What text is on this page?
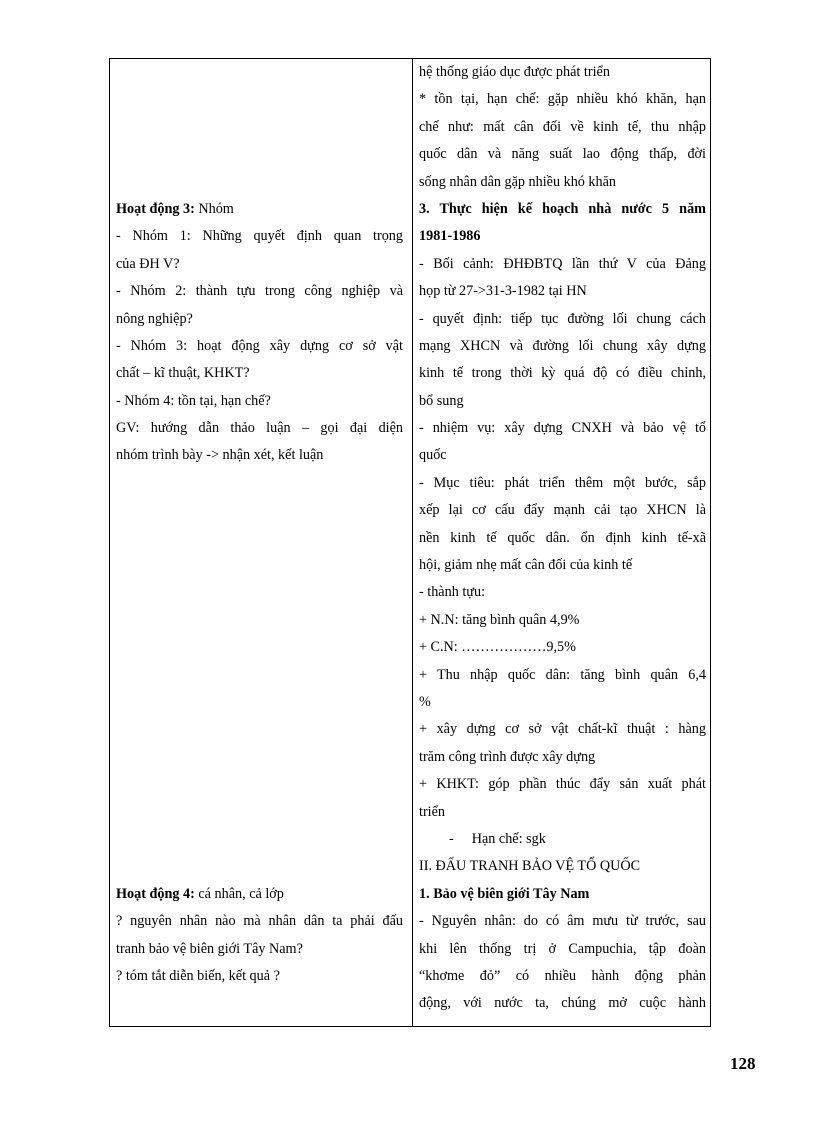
Hoạt động 3: Nhóm
- Nhóm 1: Những quyết định quan trọng
của ĐH V?
- Nhóm 2: thành tựu trong công nghiệp và
nông nghiệp?
- Nhóm 3: hoạt động xây dựng cơ sở vật
chất – kĩ thuật, KHKT?
- Nhóm 4: tồn tại, hạn chế?
GV: hướng dẫn thảo luận – gọi đại diện
nhóm trình bày -> nhận xét, kết luận
Hoạt động 4: cá nhân, cả lớp
? nguyên nhân nào mà nhân dân ta phải đấu
tranh bảo vệ biên giới Tây Nam?
? tóm tắt diễn biến, kết quả ?
hệ thống giáo dục được phát triển
* tồn tại, hạn chế: gặp nhiều khó khăn, hạn
chế như: mất cân đối về kinh tế, thu nhập
quốc dân và năng suất lao động thấp, đời
sống nhân dân gặp nhiều khó khăn
3. Thực hiện kế hoạch nhà nước 5 năm
1981-1986
- Bối cảnh: ĐHĐBTQ lần thứ V của Đảng
họp từ 27->31-3-1982 tại HN
- quyết định: tiếp tục đường lối chung cách
mạng XHCN và đường lối chung xây dựng
kinh tế trong thời kỳ quá độ có điều chỉnh,
bổ sung
- nhiệm vụ: xây dựng CNXH và bảo vệ tổ
quốc
- Mục tiêu: phát triển thêm một bước, sắp
xếp lại cơ cấu đẩy mạnh cải tạo XHCN là
nền kinh tế quốc dân. ổn định kinh tế-xã
hội, giảm nhẹ mất cân đối của kinh tế
- thành tựu:
+ N.N: tăng bình quân 4,9%
+ C.N: ………………9,5%
+ Thu nhập quốc dân: tăng bình quân 6,4
%
+ xây dựng cơ sở vật chất-kĩ thuật : hàng
trăm công trình được xây dựng
+ KHKT: góp phần thúc đẩy sản xuất phát
triển
- Hạn chế: sgk
II. ĐẤU TRANH BẢO VỆ TỔ QUỐC
1. Bảo vệ biên giới Tây Nam
- Nguyên nhân: do có âm mưu từ trước, sau
khi lên thống trị ở Campuchia, tập đoàn
“khơme đỏ” có nhiều hành động phản
động, với nước ta, chúng mở cuộc hành
128
